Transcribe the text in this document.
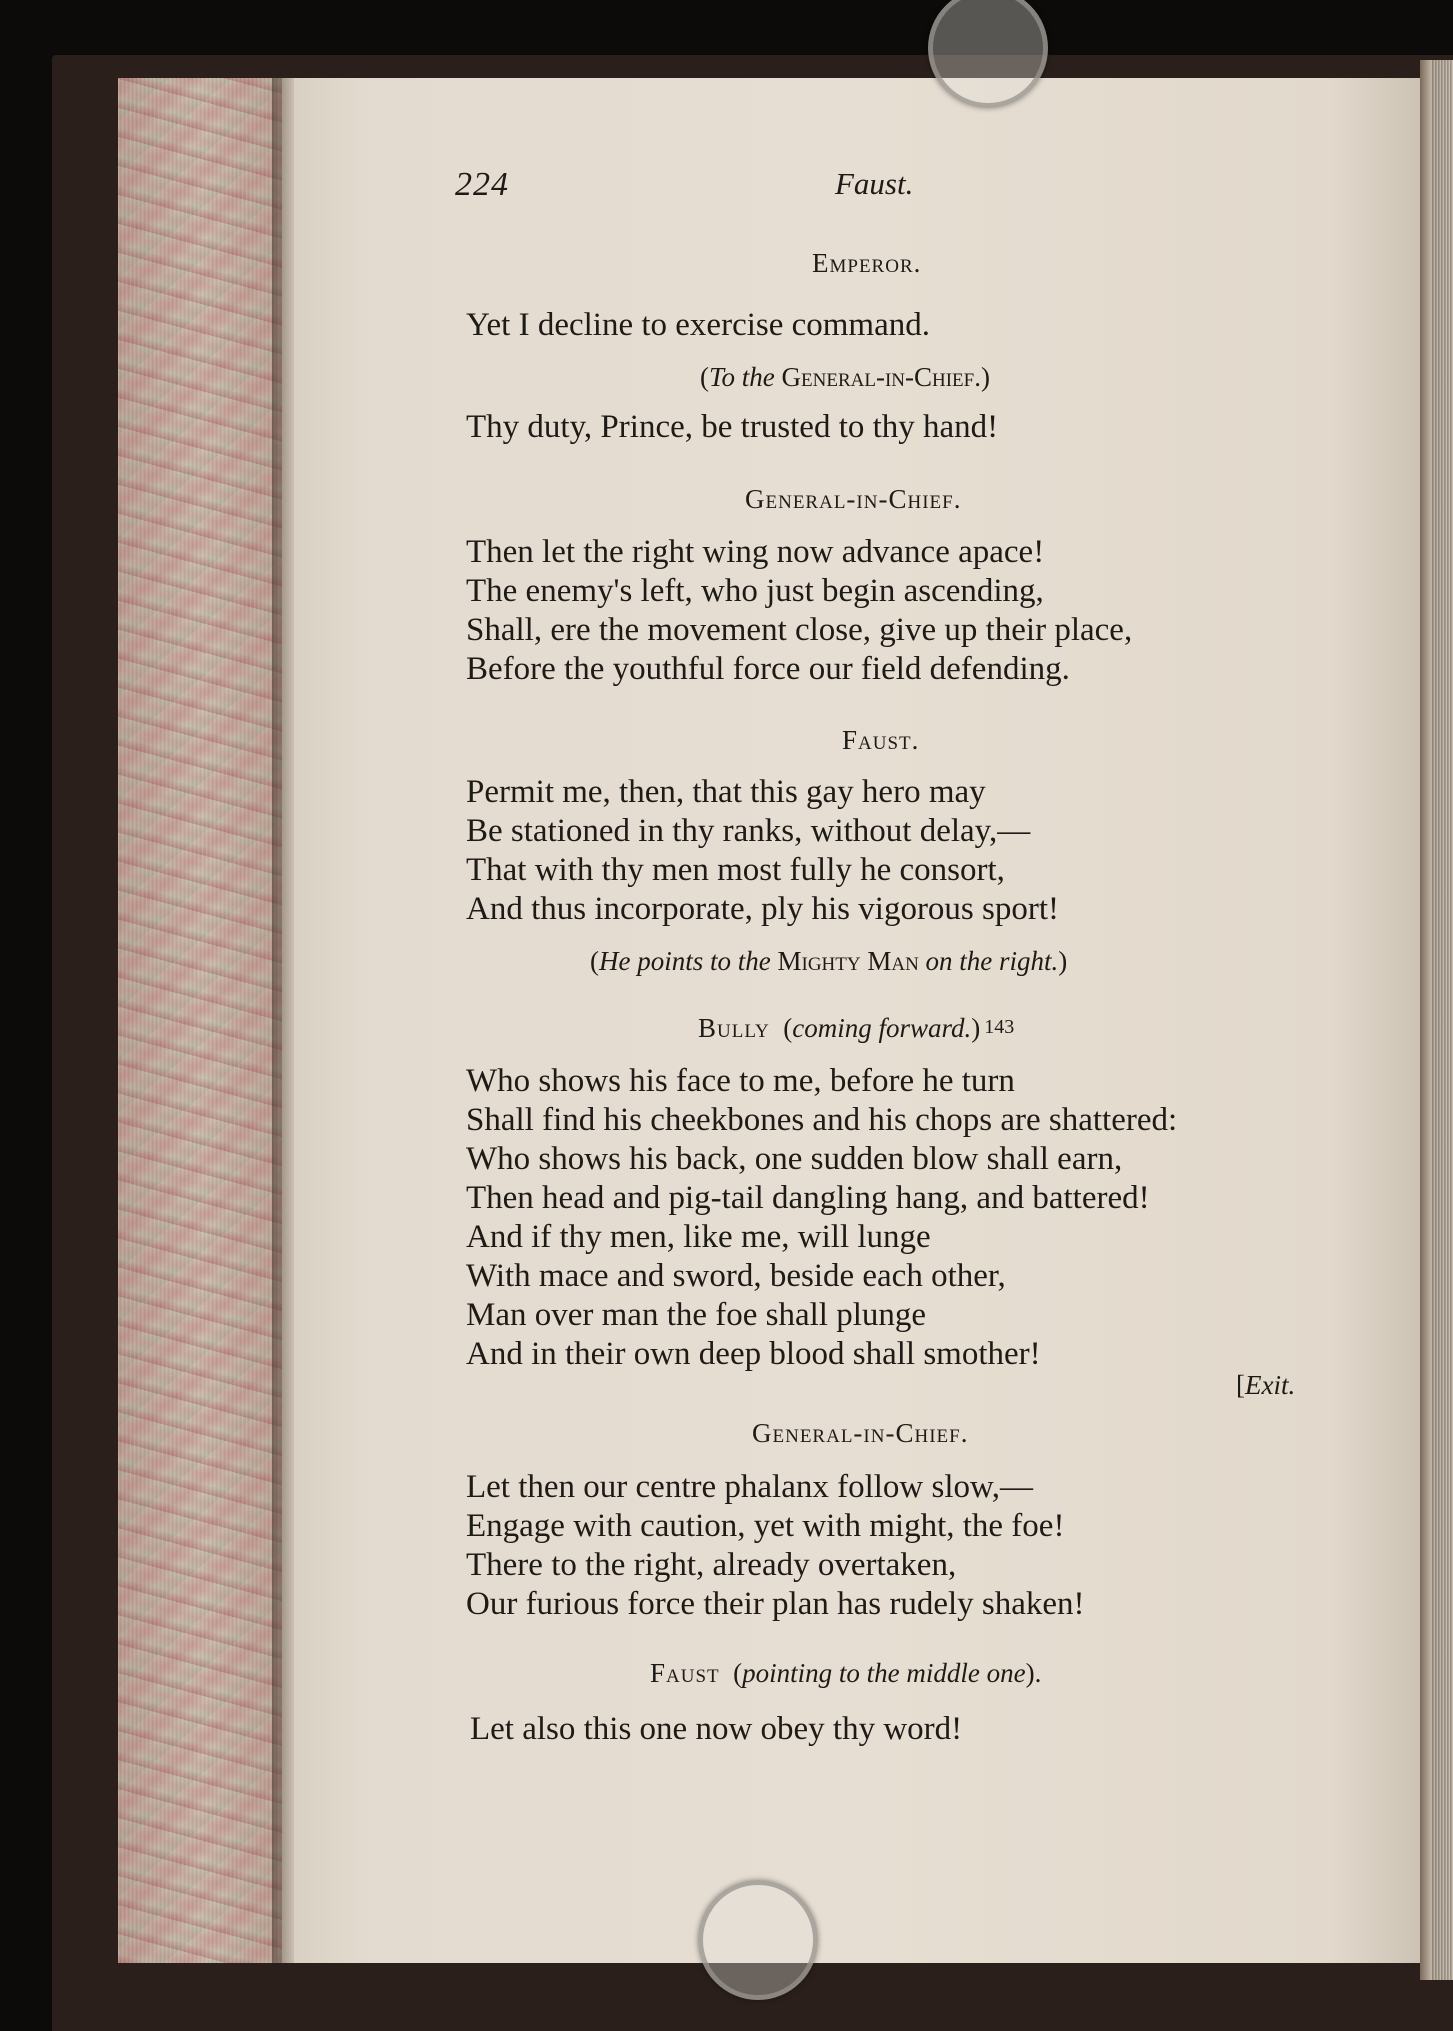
224	Faust.
Emperor.
Yet I decline to exercise command.
(To the General-in-Chief.)
Thy duty, Prince, be trusted to thy hand!
General-in-Chief.
Then let the right wing now advance apace!
The enemy's left, who just begin ascending,
Shall, ere the movement close, give up their place,
Before the youthful force our field defending.
Faust.
Permit me, then, that this gay hero may
Be stationed in thy ranks, without delay,—
That with thy men most fully he consort,
And thus incorporate, ply his vigorous sport!
(He points to the Mighty Man on the right.)
Bully (coming forward.) $^{143}$
Who shows his face to me, before he turn
Shall find his cheekbones and his chops are shattered:
Who shows his back, one sudden blow shall earn,
Then head and pig-tail dangling hang, and battered!
And if thy men, like me, will lunge
With mace and sword, beside each other,
Man over man the foe shall plunge
And in their own deep blood shall smother!
[Exit.
General-in-Chief.
Let then our centre phalanx follow slow,—
Engage with caution, yet with might, the foe!
There to the right, already overtaken,
Our furious force their plan has rudely shaken!
Faust (pointing to the middle one).
Let also this one now obey thy word!
